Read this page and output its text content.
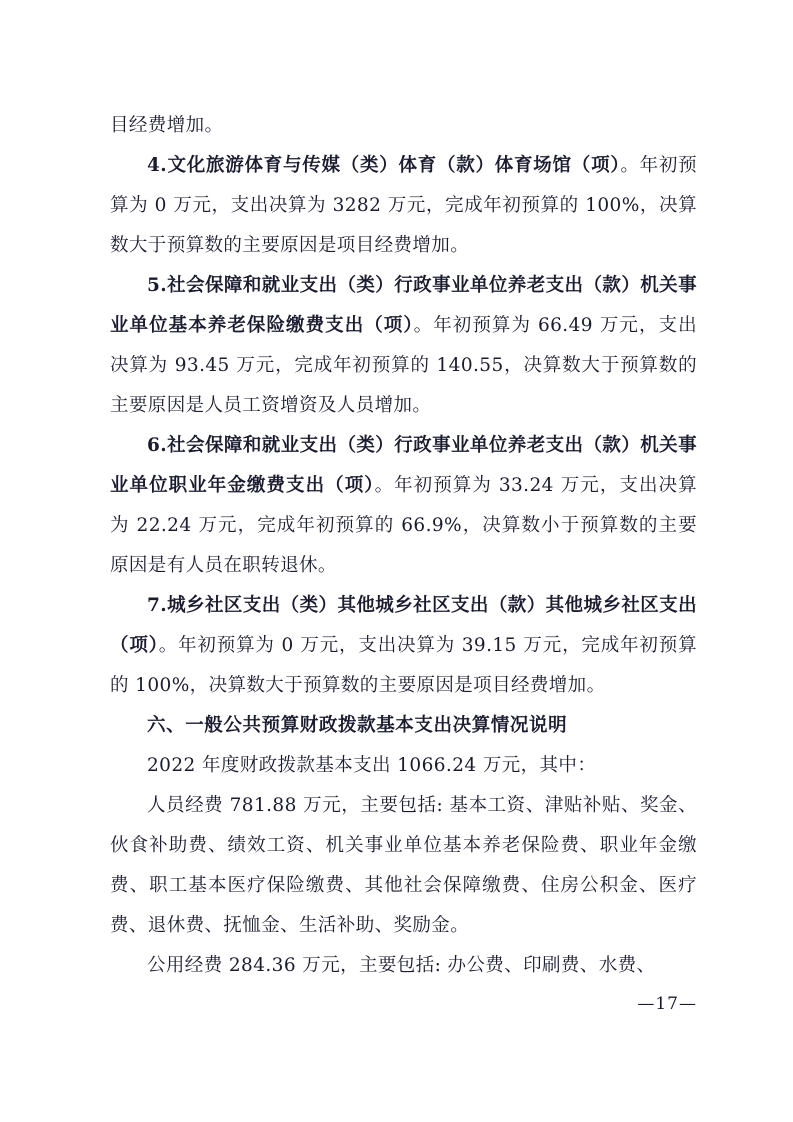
目经费增加。

4.文化旅游体育与传媒（类）体育（款）体育场馆（项）。年初预算为 0 万元，支出决算为 3282 万元，完成年初预算的 100%，决算数大于预算数的主要原因是项目经费增加。

5.社会保障和就业支出（类）行政事业单位养老支出（款）机关事业单位基本养老保险缴费支出（项）。年初预算为 66.49 万元，支出决算为 93.45 万元，完成年初预算的 140.55，决算数大于预算数的主要原因是人员工资增资及人员增加。

6.社会保障和就业支出（类）行政事业单位养老支出（款）机关事业单位职业年金缴费支出（项）。年初预算为 33.24 万元，支出决算为 22.24 万元，完成年初预算的 66.9%，决算数小于预算数的主要原因是有人员在职转退休。

7.城乡社区支出（类）其他城乡社区支出（款）其他城乡社区支出（项）。年初预算为 0 万元，支出决算为 39.15 万元，完成年初预算的 100%，决算数大于预算数的主要原因是项目经费增加。

六、一般公共预算财政拨款基本支出决算情况说明

2022 年度财政拨款基本支出 1066.24 万元，其中：

人员经费 781.88 万元，主要包括: 基本工资、津贴补贴、奖金、伙食补助费、绩效工资、机关事业单位基本养老保险费、职业年金缴费、职工基本医疗保险缴费、其他社会保障缴费、住房公积金、医疗费、退休费、抚恤金、生活补助、奖励金。

公用经费 284.36 万元，主要包括: 办公费、印刷费、水费、

—17—
